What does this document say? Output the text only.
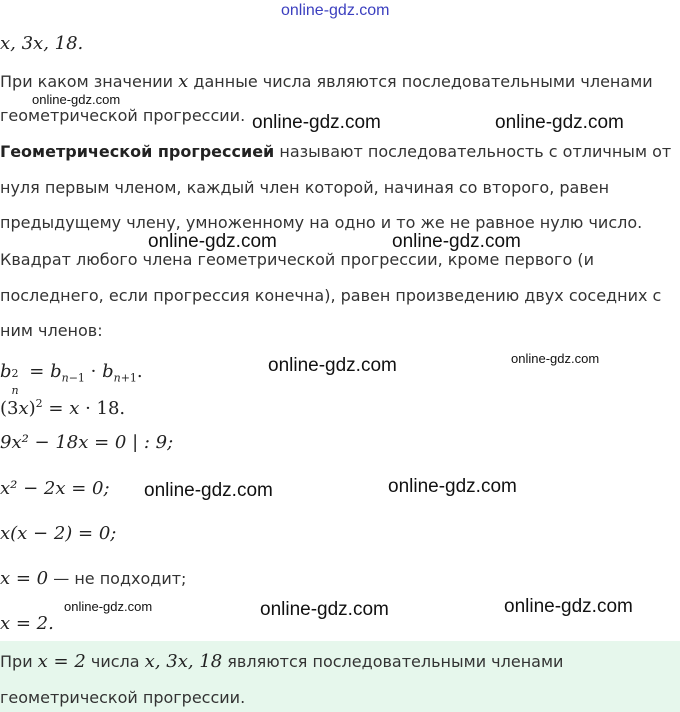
online-gdz.com
x, 3x, 18.
При каком значении x данные числа являются последовательными членами
геометрической прогрессии.
Геометрической прогрессией называют последовательность с отличным от
нуля первым членом, каждый член которой, начиная со второго, равен
предыдущему члену, умноженному на одно и то же не равное нулю число.
Квадрат любого члена геометрической прогрессии, кроме первого (и
последнего, если прогрессия конечна), равен произведению двух соседних с
ним членов:
b 2
n
= $b_{n-1} \cdot b_{n+1}$.
$(3x)^2 = x \cdot 18$.
9x² − 18x = 0 | : 9;
x² − 2x = 0;
x(x − 2) = 0;
x = 0 — не подходит;
x = 2.
При x = 2 числа x, 3x, 18 являются последовательными членами
геометрической прогрессии.
online-gdz.com
online-gdz.com	online-gdz.com
online-gdz.com	online-gdz.com
online-gdz.com	online-gdz.com
online-gdz.com	online-gdz.com
online-gdz.com	online-gdz.com	online-gdz.com
